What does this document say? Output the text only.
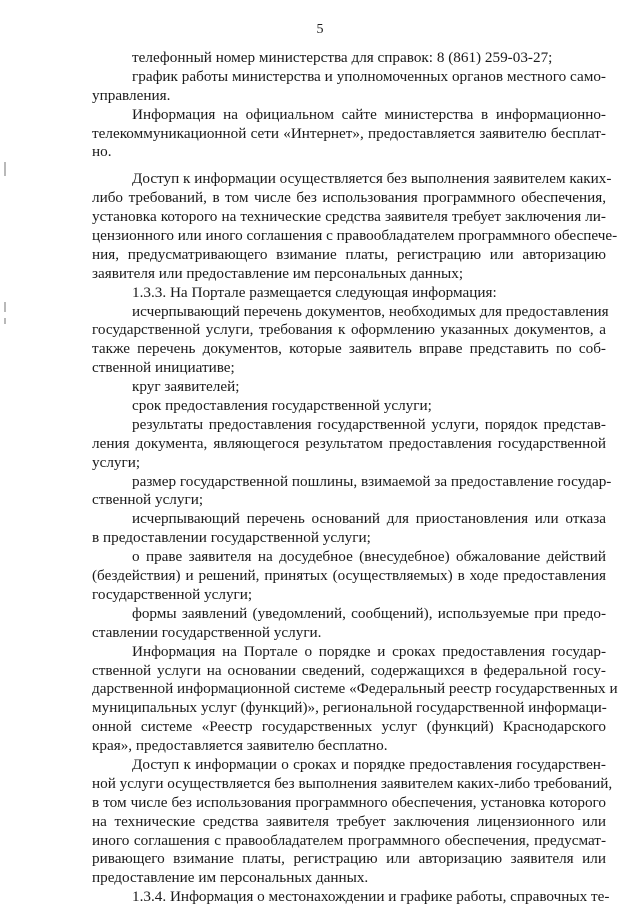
5
телефонный номер министерства для справок: 8 (861) 259-03-27;
график работы министерства и уполномоченных органов местного само-
управления.
Информация на официальном сайте министерства в информационно-
телекоммуникационной сети «Интернет», предоставляется заявителю бесплат-
но.
Доступ к информации осуществляется без выполнения заявителем каких-
либо требований, в том числе без использования программного обеспечения,
установка которого на технические средства заявителя требует заключения ли-
цензионного или иного соглашения с правообладателем программного обеспече-
ния, предусматривающего взимание платы, регистрацию или авторизацию
заявителя или предоставление им персональных данных;
1.3.3. На Портале размещается следующая информация:
исчерпывающий перечень документов, необходимых для предоставления
государственной услуги, требования к оформлению указанных документов, а
также перечень документов, которые заявитель вправе представить по соб-
ственной инициативе;
круг заявителей;
срок предоставления государственной услуги;
результаты предоставления государственной услуги, порядок представ-
ления документа, являющегося результатом предоставления государственной
услуги;
размер государственной пошлины, взимаемой за предоставление государ-
ственной услуги;
исчерпывающий перечень оснований для приостановления или отказа
в предоставлении государственной услуги;
о праве заявителя на досудебное (внесудебное) обжалование действий
(бездействия) и решений, принятых (осуществляемых) в ходе предоставления
государственной услуги;
формы заявлений (уведомлений, сообщений), используемые при предо-
ставлении государственной услуги.
Информация на Портале о порядке и сроках предоставления государ-
ственной услуги на основании сведений, содержащихся в федеральной госу-
дарственной информационной системе «Федеральный реестр государственных и
муниципальных услуг (функций)», региональной государственной информаци-
онной системе «Реестр государственных услуг (функций) Краснодарского
края», предоставляется заявителю бесплатно.
Доступ к информации о сроках и порядке предоставления государствен-
ной услуги осуществляется без выполнения заявителем каких-либо требований,
в том числе без использования программного обеспечения, установка которого
на технические средства заявителя требует заключения лицензионного или
иного соглашения с правообладателем программного обеспечения, предусмат-
ривающего взимание платы, регистрацию или авторизацию заявителя или
предоставление им персональных данных.
1.3.4. Информация о местонахождении и графике работы, справочных те-
